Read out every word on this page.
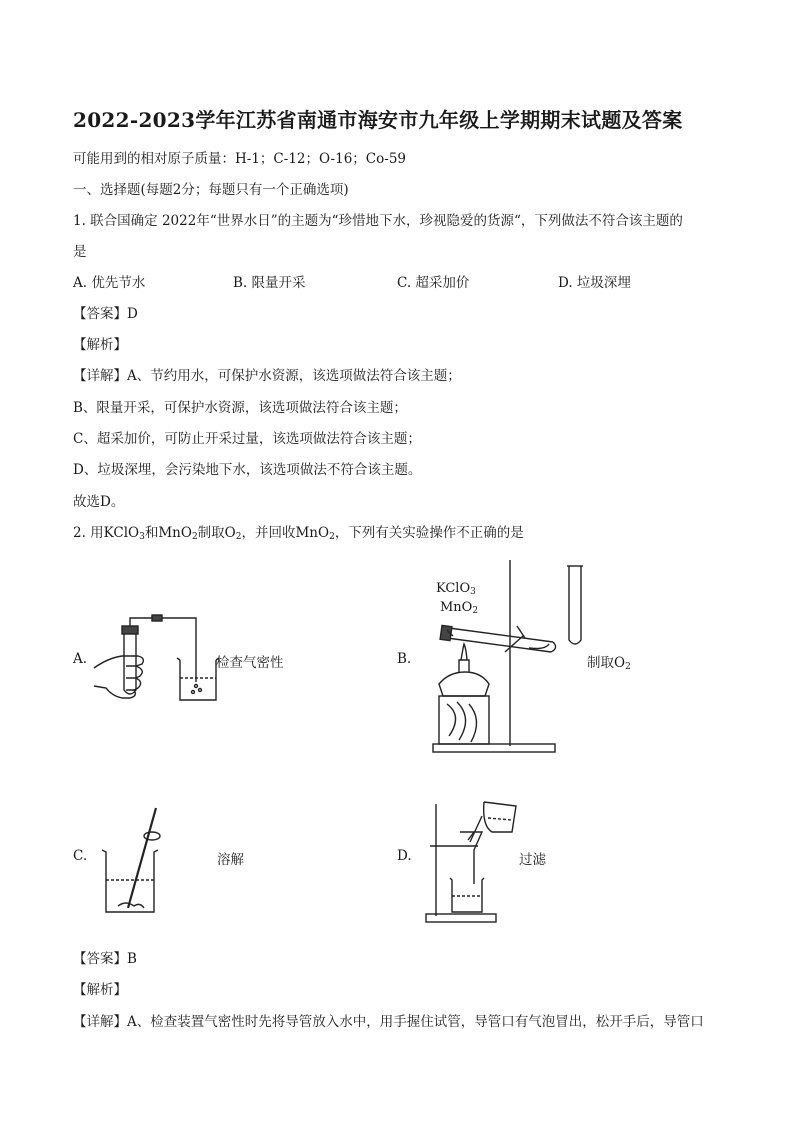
2022-2023学年江苏省南通市海安市九年级上学期期末试题及答案
可能用到的相对原子质量：H-1；C-12；O-16；Co-59
一、选择题(每题2分；每题只有一个正确选项)
1. 联合国确定 2022年“世界水日”的主题为“珍惜地下水，珍视隐爱的货源“，下列做法不符合该主题的
是
A. 优先节水	B. 限量开采	C. 超采加价	D. 垃圾深埋
【答案】D
【解析】
【详解】A、节约用水，可保护水资源，该选项做法符合该主题；
B、限量开采，可保护水资源，该选项做法符合该主题；
C、超采加价，可防止开采过量，该选项做法符合该主题；
D、垃圾深埋，会污染地下水，该选项做法不符合该主题。
故选D。
2. 用KClO$_3$和MnO$_2$制取$O_2$，并回收MnO$_2$，下列有关实验操作不正确的是
A.	检查气密性	B.
KClO$_3$
MnO$_2$
制取$O_2$
C.	溶解	D.	过滤
【答案】B
【解析】
【详解】A、检查装置气密性时先将导管放入水中，用手握住试管，导管口有气泡冒出，松开手后，导管口
